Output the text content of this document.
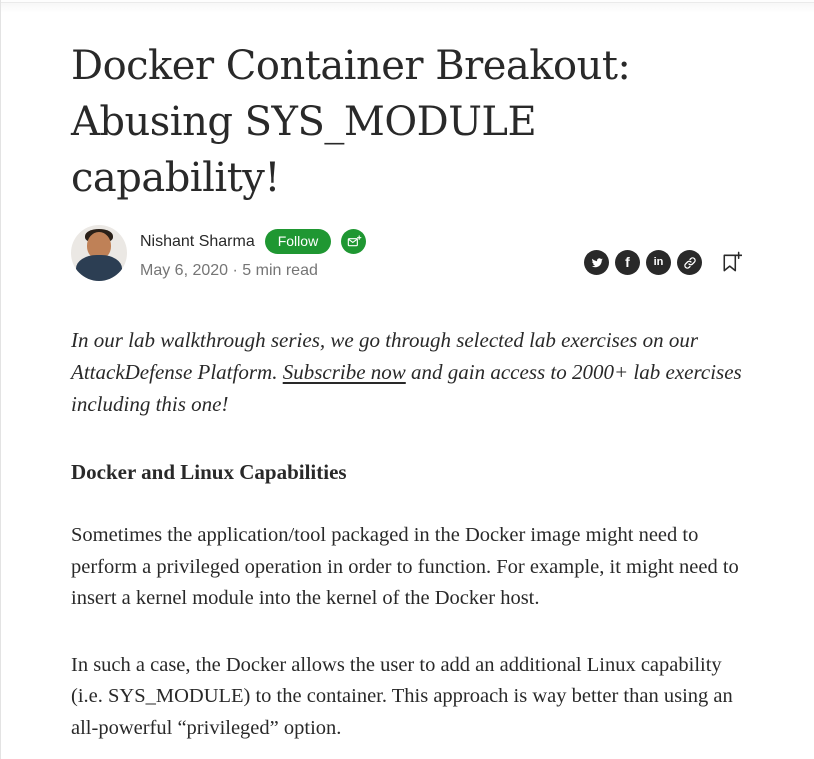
Docker Container Breakout: Abusing SYS_MODULE capability!
Nishant Sharma	Follow
May 6, 2020 · 5 min read

In our lab walkthrough series, we go through selected lab exercises on our AttackDefense Platform. Subscribe now and gain access to 2000+ lab exercises including this one!

Docker and Linux Capabilities

Sometimes the application/tool packaged in the Docker image might need to perform a privileged operation in order to function. For example, it might need to insert a kernel module into the kernel of the Docker host.

In such a case, the Docker allows the user to add an additional Linux capability (i.e. SYS_MODULE) to the container. This approach is way better than using an all-powerful “privileged” option.

f in
